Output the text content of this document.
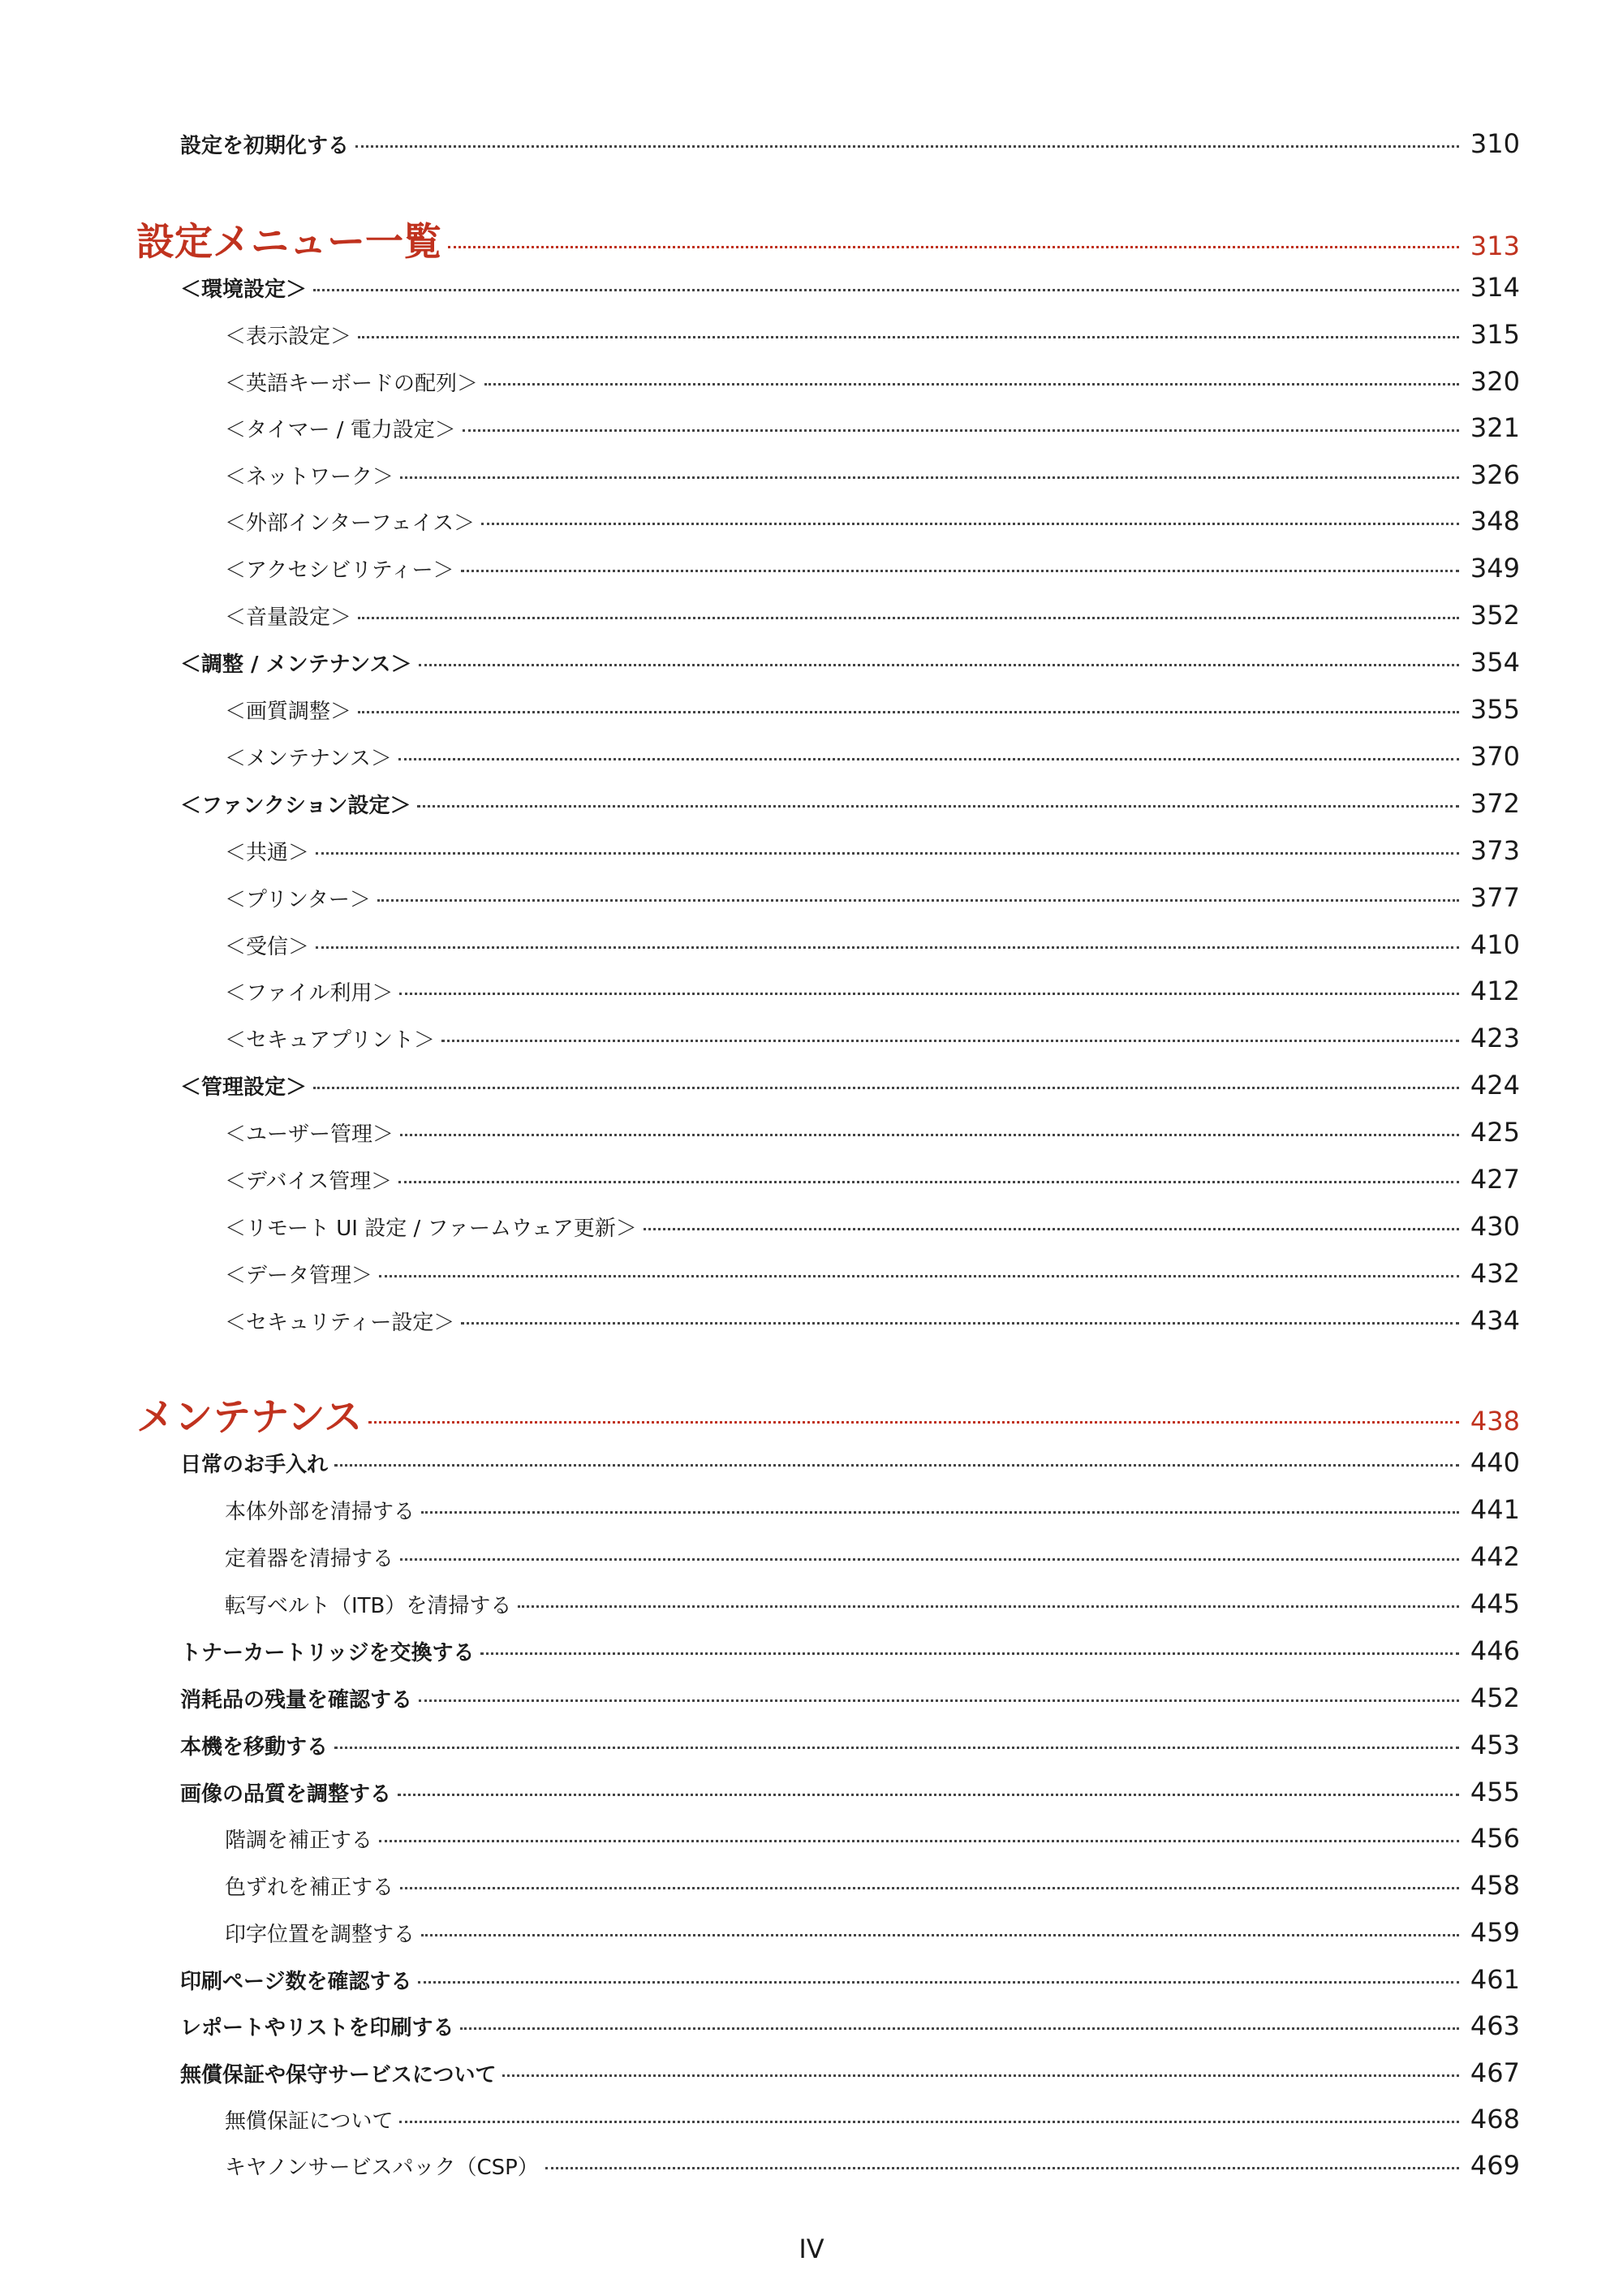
設定を初期化する	310
設定メニュー一覧	313
＜環境設定＞	314
＜表示設定＞	315
＜英語キーボードの配列＞	320
＜タイマー / 電力設定＞	321
＜ネットワーク＞	326
＜外部インターフェイス＞	348
＜アクセシビリティー＞	349
＜音量設定＞	352
＜調整 / メンテナンス＞	354
＜画質調整＞	355
＜メンテナンス＞	370
＜ファンクション設定＞	372
＜共通＞	373
＜プリンター＞	377
＜受信＞	410
＜ファイル利用＞	412
＜セキュアプリント＞	423
＜管理設定＞	424
＜ユーザー管理＞	425
＜デバイス管理＞	427
＜リモート UI 設定 / ファームウェア更新＞	430
＜データ管理＞	432
＜セキュリティー設定＞	434
メンテナンス	438
日常のお手入れ	440
本体外部を清掃する	441
定着器を清掃する	442
転写ベルト（ITB）を清掃する	445
トナーカートリッジを交換する	446
消耗品の残量を確認する	452
本機を移動する	453
画像の品質を調整する	455
階調を補正する	456
色ずれを補正する	458
印字位置を調整する	459
印刷ページ数を確認する	461
レポートやリストを印刷する	463
無償保証や保守サービスについて	467
無償保証について	468
キヤノンサービスパック（CSP）	469
IV
